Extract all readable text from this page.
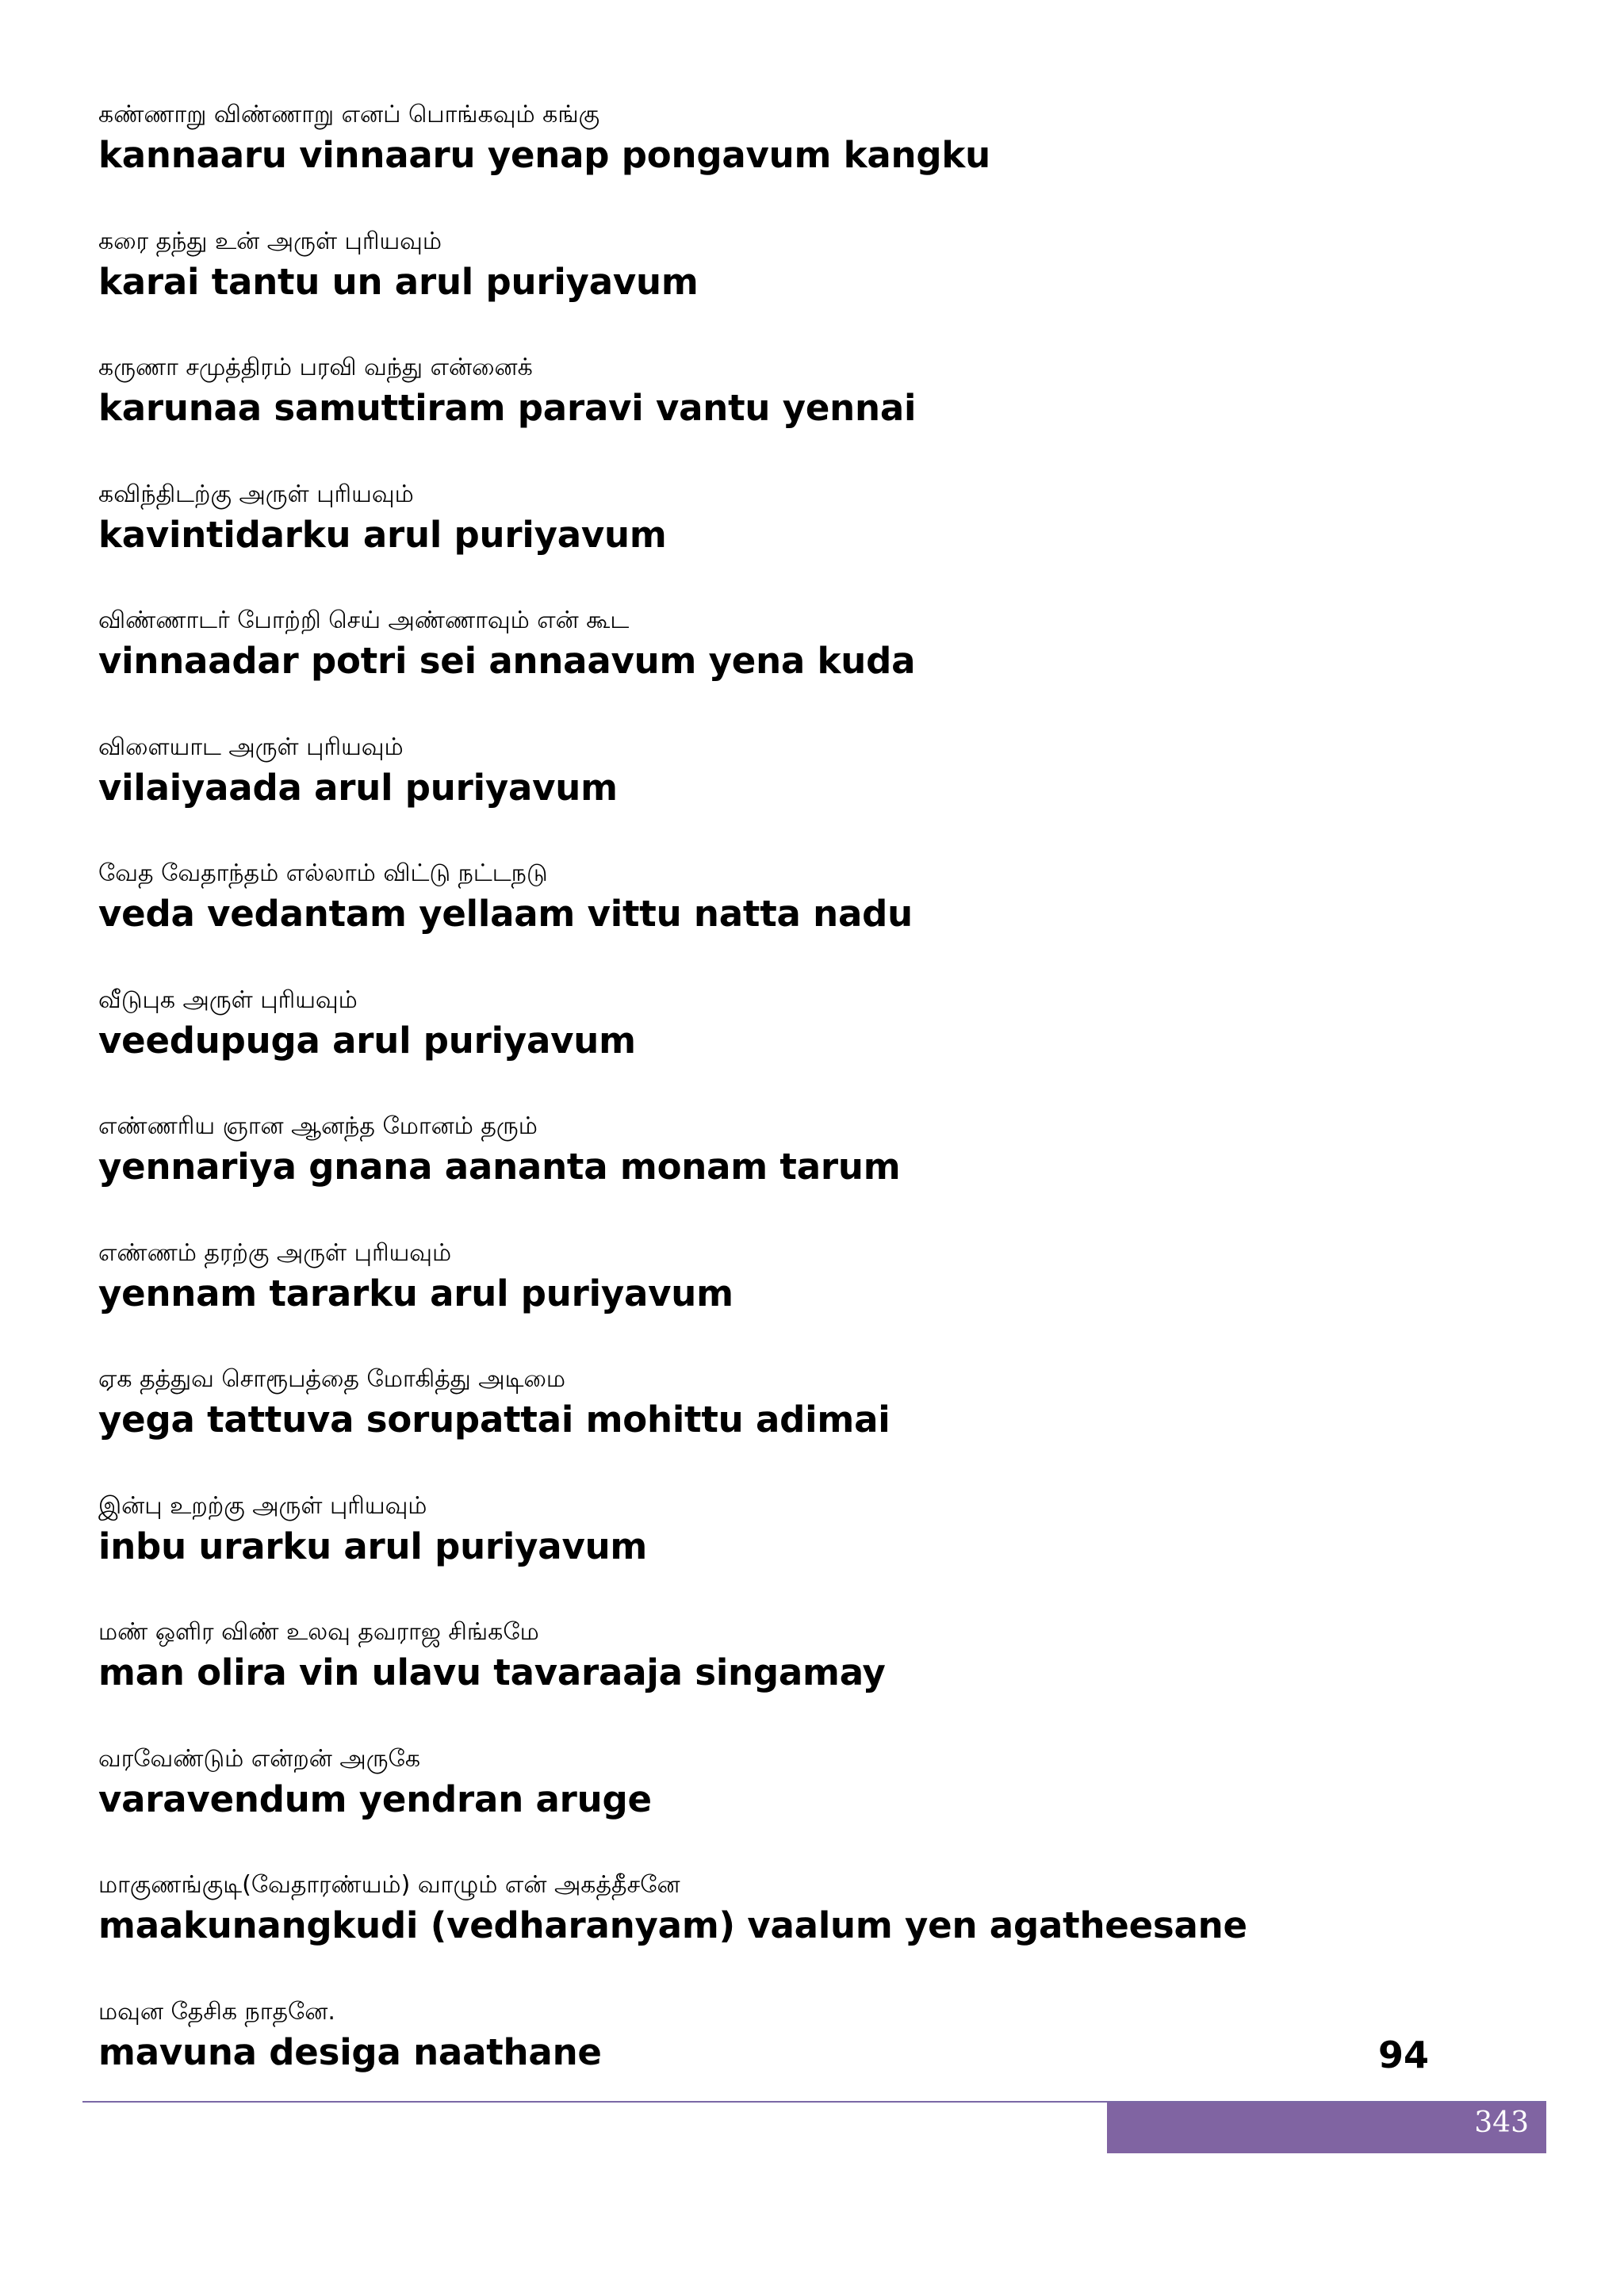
கண்ணாறு விண்ணாறு எனப் பொங்கவும் கங்கு
kannaaru vinnaaru yenap pongavum kangku
கரை தந்து உன் அருள் புரியவும்
karai tantu un arul puriyavum
கருணா சமுத்திரம் பரவி வந்து என்னைக்
karunaa samuttiram paravi vantu yennai
கவிந்திடற்கு அருள் புரியவும்
kavintidarku arul puriyavum
விண்ணாடர் போற்றி செய் அண்ணாவும் என் கூட
vinnaadar potri sei annaavum yena kuda
விளையாட அருள் புரியவும்
vilaiyaada arul puriyavum
வேத வேதாந்தம் எல்லாம் விட்டு நட்டநடு
veda vedantam yellaam vittu natta nadu
வீடுபுக அருள் புரியவும்
veedupuga arul puriyavum
எண்ணரிய ஞான ஆனந்த மோனம் தரும்
yennariya gnana aananta monam tarum
எண்ணம் தரற்கு அருள் புரியவும்
yennam tararku arul puriyavum
ஏக தத்துவ சொரூபத்தை மோகித்து அடிமை
yega tattuva sorupattai mohittu adimai
இன்பு உறற்கு அருள் புரியவும்
inbu urarku arul puriyavum
மண் ஒளிர விண் உலவு தவராஜ சிங்கமே
man olira vin ulavu tavaraaja singamay
வரவேண்டும் என்றன் அருகே
varavendum yendran aruge
மாகுணங்குடி(வேதாரண்யம்) வாழும் என் அகத்தீசனே
maakunangkudi (vedharanyam) vaalum yen agatheesane
மவுன தேசிக நாதனே.
mavuna desiga naathane	94
343
